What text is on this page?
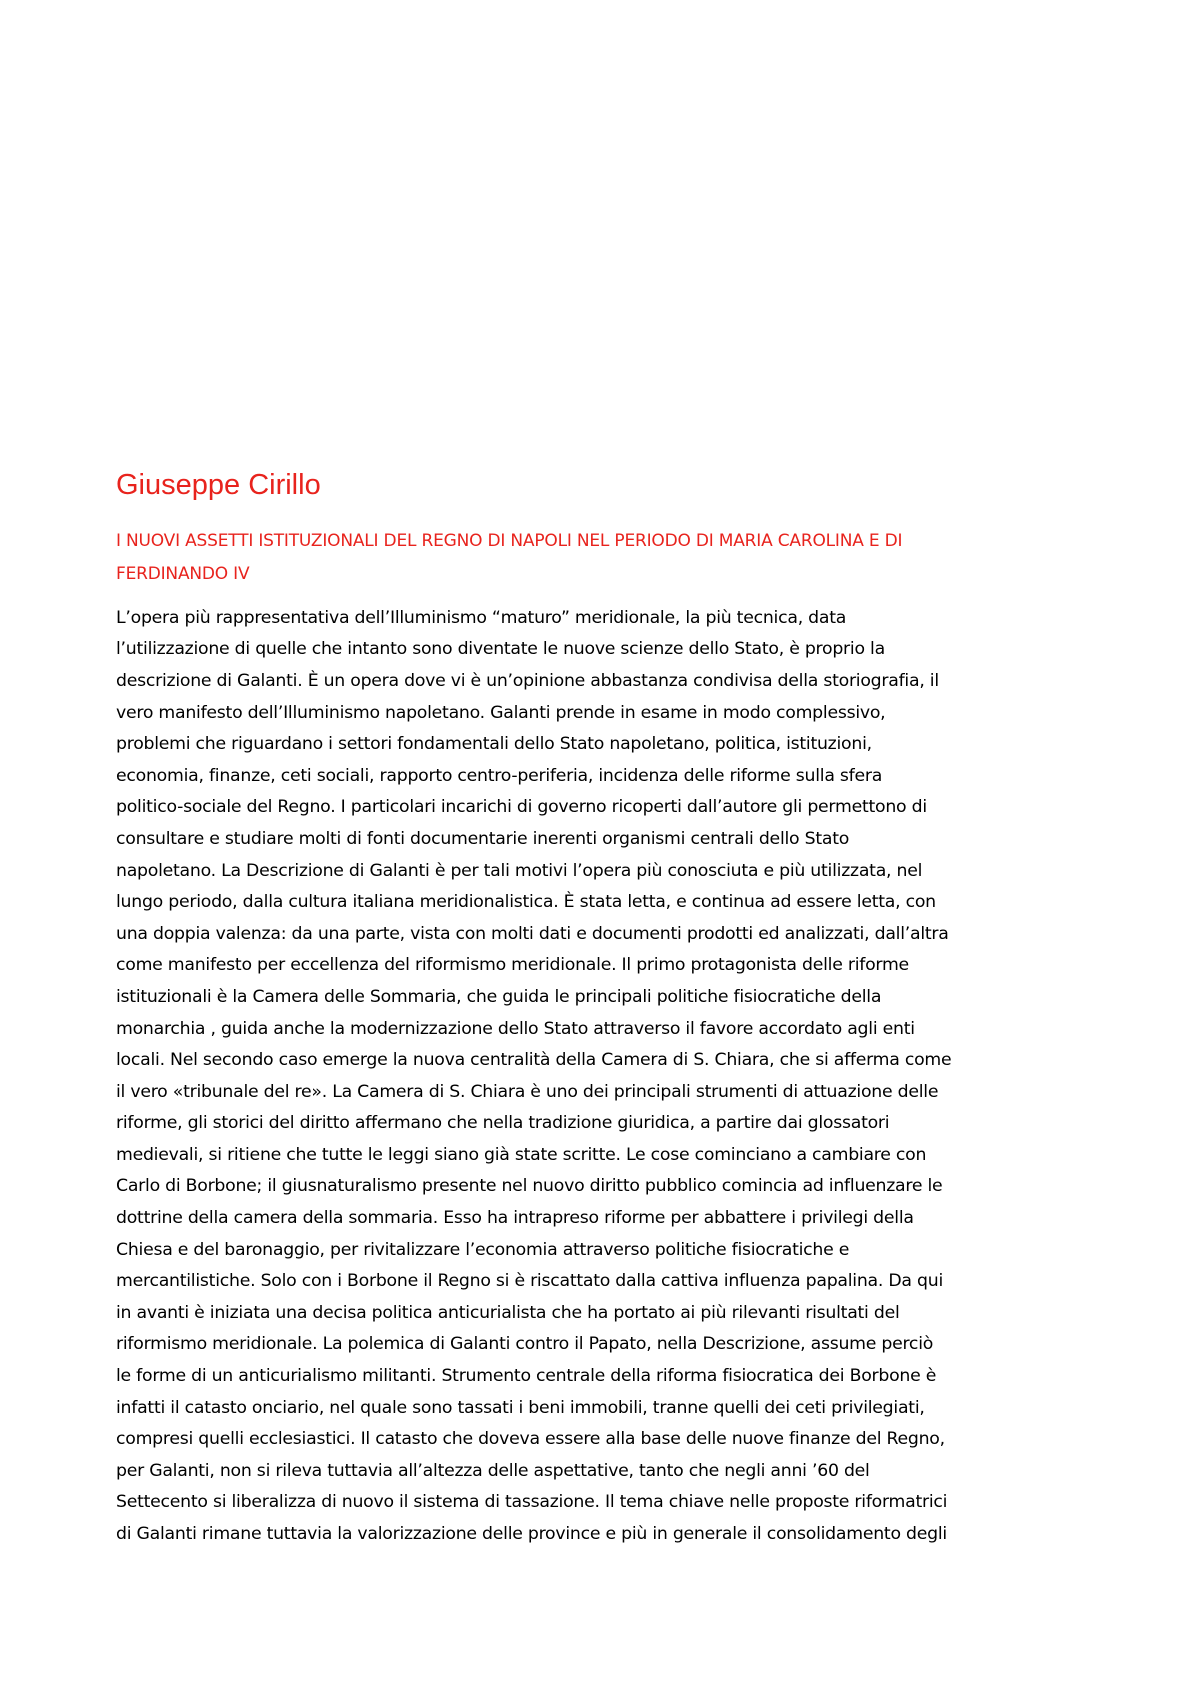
Giuseppe Cirillo
I NUOVI ASSETTI ISTITUZIONALI DEL REGNO DI NAPOLI NEL PERIODO DI MARIA CAROLINA E DI
FERDINANDO IV

L’opera più rappresentativa dell’Illuminismo “maturo” meridionale, la più tecnica, data
l’utilizzazione di quelle che intanto sono diventate le nuove scienze dello Stato, è proprio la
descrizione di Galanti. È un opera dove vi è un’opinione abbastanza condivisa della storiografia, il
vero manifesto dell’Illuminismo napoletano. Galanti prende in esame in modo complessivo,
problemi che riguardano i settori fondamentali dello Stato napoletano, politica, istituzioni,
economia, finanze, ceti sociali, rapporto centro-periferia, incidenza delle riforme sulla sfera
politico-sociale del Regno. I particolari incarichi di governo ricoperti dall’autore gli permettono di
consultare e studiare molti di fonti documentarie inerenti organismi centrali dello Stato
napoletano. La Descrizione di Galanti è per tali motivi l’opera più conosciuta e più utilizzata, nel
lungo periodo, dalla cultura italiana meridionalistica. È stata letta, e continua ad essere letta, con
una doppia valenza: da una parte, vista con molti dati e documenti prodotti ed analizzati, dall’altra
come manifesto per eccellenza del riformismo meridionale. Il primo protagonista delle riforme
istituzionali è la Camera delle Sommaria, che guida le principali politiche fisiocratiche della
monarchia , guida anche la modernizzazione dello Stato attraverso il favore accordato agli enti
locali. Nel secondo caso emerge la nuova centralità della Camera di S. Chiara, che si afferma come
il vero «tribunale del re». La Camera di S. Chiara è uno dei principali strumenti di attuazione delle
riforme, gli storici del diritto affermano che nella tradizione giuridica, a partire dai glossatori
medievali, si ritiene che tutte le leggi siano già state scritte. Le cose cominciano a cambiare con
Carlo di Borbone; il giusnaturalismo presente nel nuovo diritto pubblico comincia ad influenzare le
dottrine della camera della sommaria. Esso ha intrapreso riforme per abbattere i privilegi della
Chiesa e del baronaggio, per rivitalizzare l’economia attraverso politiche fisiocratiche e
mercantilistiche. Solo con i Borbone il Regno si è riscattato dalla cattiva influenza papalina. Da qui
in avanti è iniziata una decisa politica anticurialista che ha portato ai più rilevanti risultati del
riformismo meridionale. La polemica di Galanti contro il Papato, nella Descrizione, assume perciò
le forme di un anticurialismo militanti. Strumento centrale della riforma fisiocratica dei Borbone è
infatti il catasto onciario, nel quale sono tassati i beni immobili, tranne quelli dei ceti privilegiati,
compresi quelli ecclesiastici. Il catasto che doveva essere alla base delle nuove finanze del Regno,
per Galanti, non si rileva tuttavia all’altezza delle aspettative, tanto che negli anni ’60 del
Settecento si liberalizza di nuovo il sistema di tassazione. Il tema chiave nelle proposte riformatrici
di Galanti rimane tuttavia la valorizzazione delle province e più in generale il consolidamento degli
